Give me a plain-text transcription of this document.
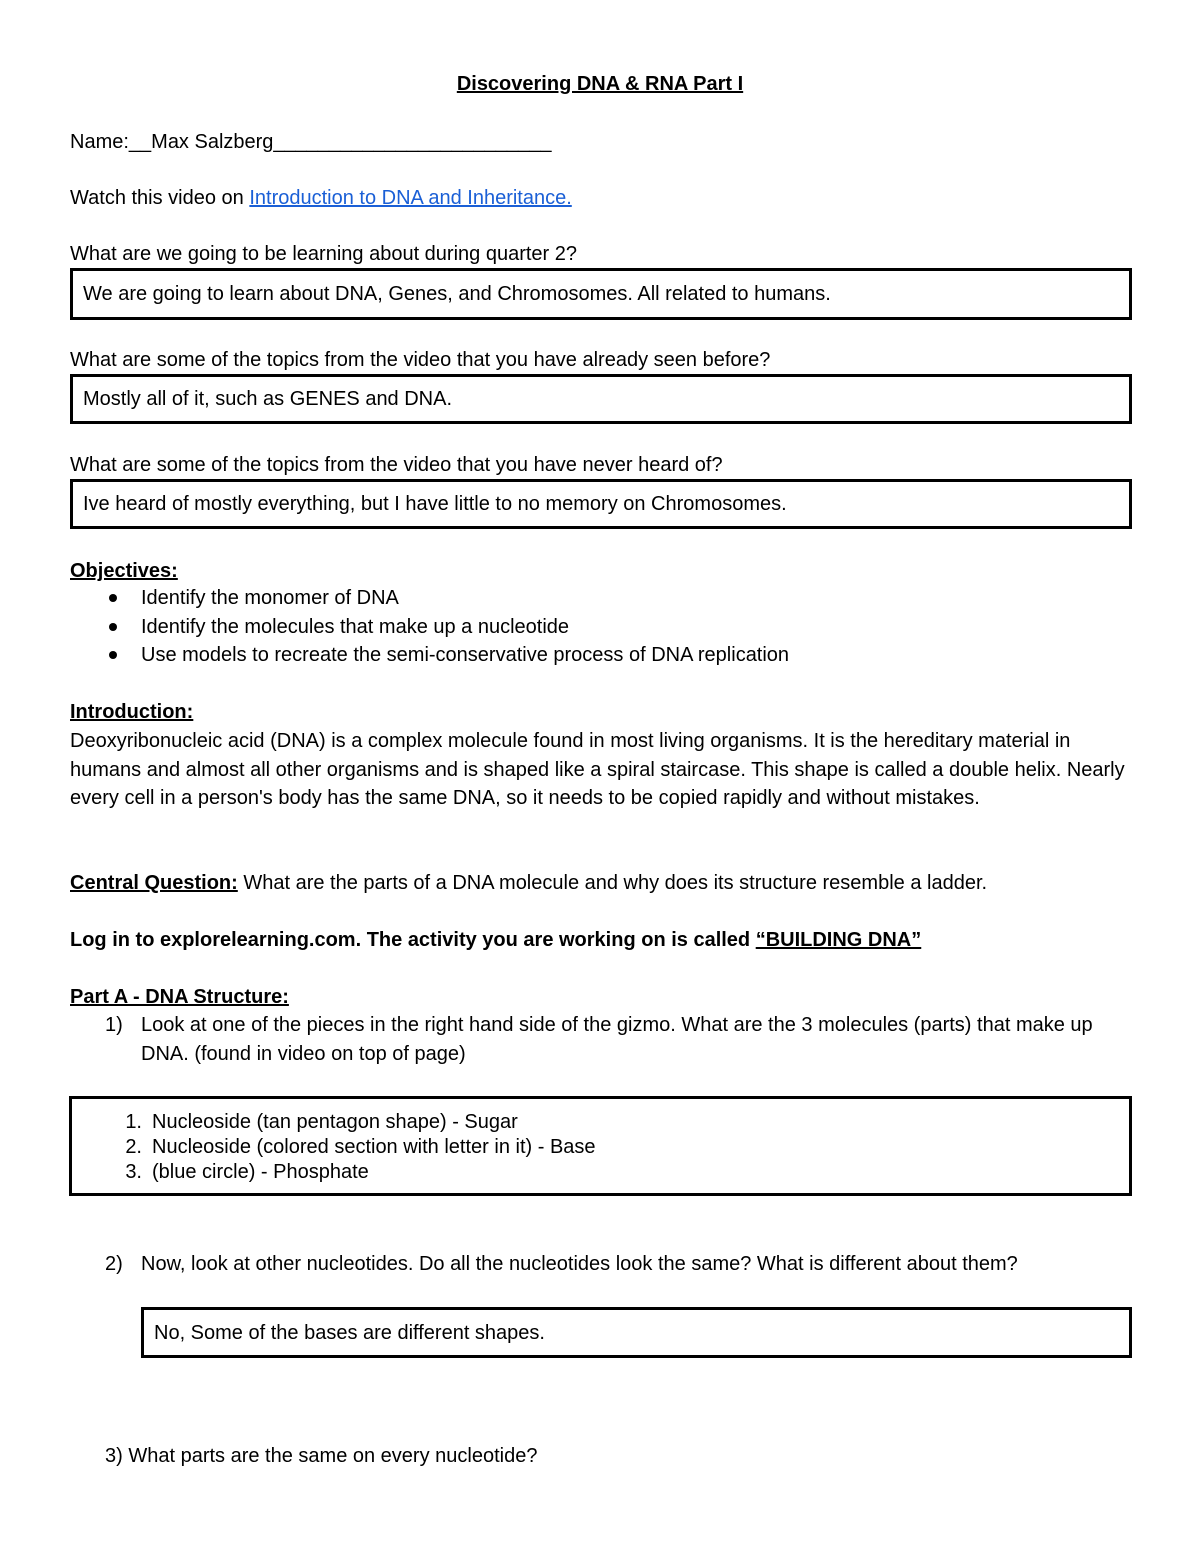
Discovering DNA & RNA Part I

Name:__Max Salzberg_________________________

Watch this video on Introduction to DNA and Inheritance.

What are we going to be learning about during quarter 2?

We are going to learn about DNA, Genes, and Chromosomes. All related to humans.

What are some of the topics from the video that you have already seen before?

Mostly all of it, such as GENES and DNA.

What are some of the topics from the video that you have never heard of?

Ive heard of mostly everything, but I have little to no memory on Chromosomes.

Objectives:

Identify the monomer of DNA
Identify the molecules that make up a nucleotide
Use models to recreate the semi-conservative process of DNA replication

Introduction:

Deoxyribonucleic acid (DNA) is a complex molecule found in most living organisms. It is the hereditary material in humans and almost all other organisms and is shaped like a spiral staircase. This shape is called a double helix. Nearly every cell in a person's body has the same DNA, so it needs to be copied rapidly and without mistakes.

Central Question: What are the parts of a DNA molecule and why does its structure resemble a ladder.

Log in to explorelearning.com. The activity you are working on is called “BUILDING DNA”

Part A - DNA Structure:

1) Look at one of the pieces in the right hand side of the gizmo. What are the 3 molecules (parts) that make up DNA. (found in video on top of page)

1. Nucleoside (tan pentagon shape) - Sugar
2. Nucleoside (colored section with letter in it) - Base
3. (blue circle) - Phosphate
2) Now, look at other nucleotides. Do all the nucleotides look the same? What is different about them?
No, Some of the bases are different shapes.

3) What parts are the same on every nucleotide?
